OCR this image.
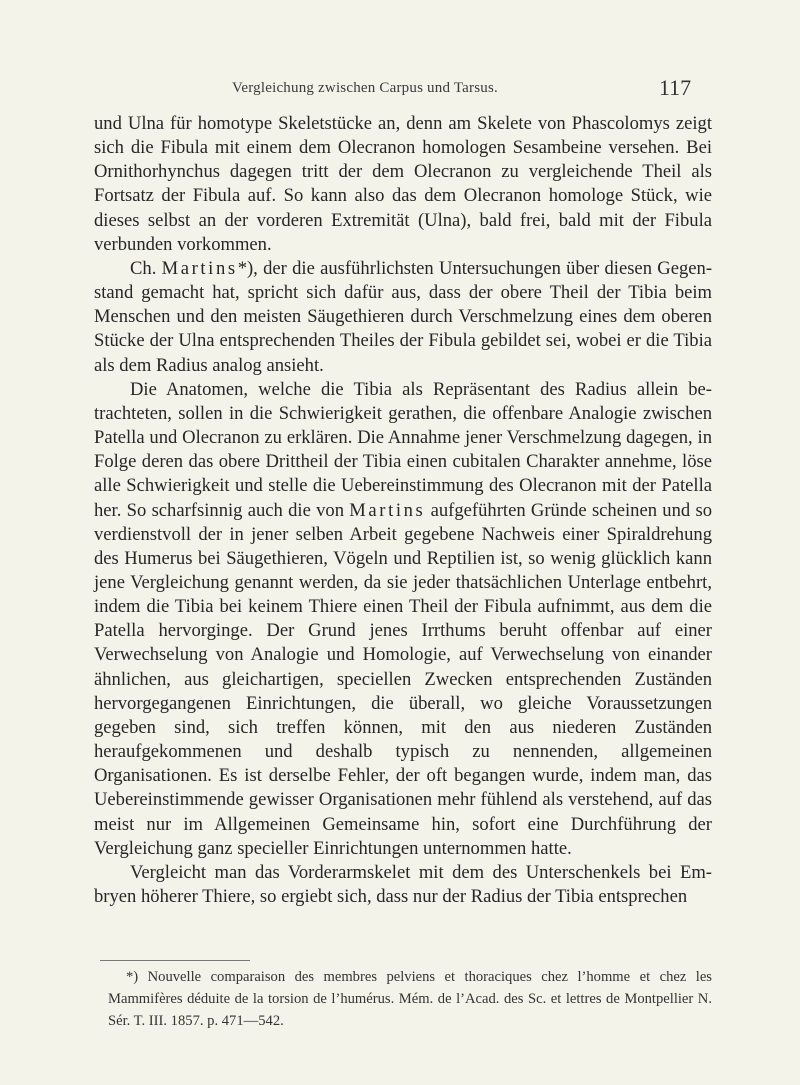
Vergleichung zwischen Carpus und Tarsus.	117

und Ulna für homotype Skeletstücke an, denn am Skelete von Phascolomys zeigt sich die Fibula mit einem dem Olecranon homologen Sesambeine versehen. Bei Ornithorhynchus dagegen tritt der dem Olecranon zu vergleichende Theil als Fortsatz der Fibula auf. So kann also das dem Olecranon homologe Stück, wie dieses selbst an der vorderen Extremität (Ulna), bald frei, bald mit der Fibula verbunden vorkommen.

Ch. Martins*), der die ausführlichsten Untersuchungen über diesen Gegenstand gemacht hat, spricht sich dafür aus, dass der obere Theil der Tibia beim Menschen und den meisten Säugethieren durch Verschmelzung eines dem oberen Stücke der Ulna entsprechenden Theiles der Fibula gebildet sei, wobei er die Tibia als dem Radius analog ansieht.

Die Anatomen, welche die Tibia als Repräsentant des Radius allein betrachteten, sollen in die Schwierigkeit gerathen, die offenbare Analogie zwischen Patella und Olecranon zu erklären. Die Annahme jener Verschmelzung dagegen, in Folge deren das obere Drittheil der Tibia einen cubitalen Charakter annehme, löse alle Schwierigkeit und stelle die Uebereinstimmung des Olecranon mit der Patella her. So scharfsinnig auch die von Martins aufgeführten Gründe scheinen und so verdienstvoll der in jener selben Arbeit gegebene Nachweis einer Spiraldrehung des Humerus bei Säugethieren, Vögeln und Reptilien ist, so wenig glücklich kann jene Vergleichung genannt werden, da sie jeder thatsächlichen Unterlage entbehrt, indem die Tibia bei keinem Thiere einen Theil der Fibula aufnimmt, aus dem die Patella hervorginge. Der Grund jenes Irrthums beruht offenbar auf einer Verwechselung von Analogie und Homologie, auf Verwechselung von einander ähnlichen, aus gleichartigen, speciellen Zwecken entsprechenden Zuständen hervorgegangenen Einrichtungen, die überall, wo gleiche Voraussetzungen gegeben sind, sich treffen können, mit den aus niederen Zuständen heraufgekommenen und deshalb typisch zu nennenden, allgemeinen Organisationen. Es ist derselbe Fehler, der oft begangen wurde, indem man, das Uebereinstimmende gewisser Organisationen mehr fühlend als verstehend, auf das meist nur im Allgemeinen Gemeinsame hin, sofort eine Durchführung der Vergleichung ganz specieller Einrichtungen unternommen hatte.

Vergleicht man das Vorderarmskelet mit dem des Unterschenkels bei Embryen höherer Thiere, so ergiebt sich, dass nur der Radius der Tibia entsprechen

*) Nouvelle comparaison des membres pelviens et thoraciques chez l’homme et chez les Mammifères déduite de la torsion de l’humérus. Mém. de l’Acad. des Sc. et lettres de Montpellier N. Sér. T. III. 1857. p. 471—542.
